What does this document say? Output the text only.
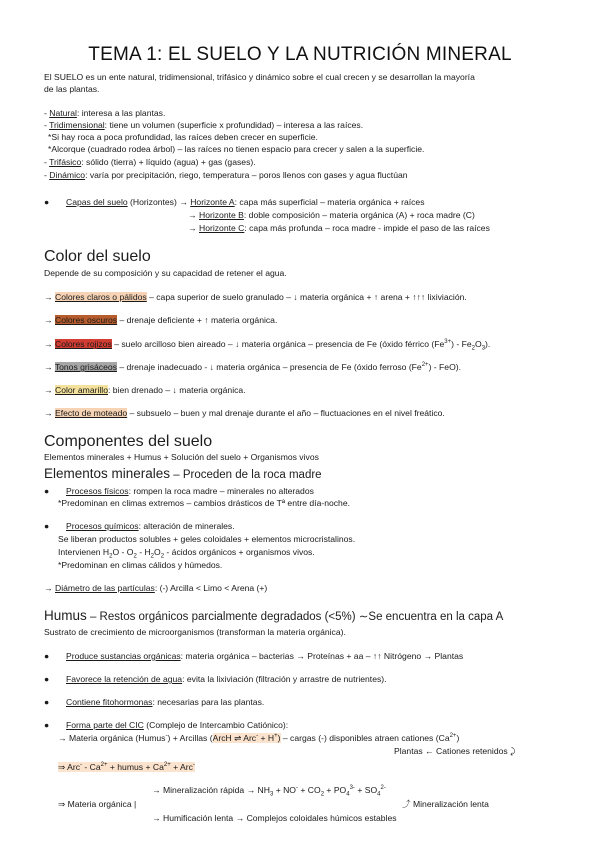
TEMA 1: EL SUELO Y LA NUTRICIÓN MINERAL
El SUELO es un ente natural, tridimensional, trifásico y dinámico sobre el cual crecen y se desarrollan la mayoría
de las plantas.
- Natural: interesa a las plantas.
- Tridimensional: tiene un volumen (superficie x profundidad) – interesa a las raíces.
*Si hay roca a poca profundidad, las raíces deben crecer en superficie.
*Alcorque (cuadrado rodea árbol) – las raíces no tienen espacio para crecer y salen a la superficie.
- Trifásico: sólido (tierra) + líquido (agua) + gas (gases).
- Dinámico: varía por precipitación, riego, temperatura – poros llenos con gases y agua fluctúan
● Capas del suelo (Horizontes) → Horizonte A: capa más superficial – materia orgánica + raíces
→ Horizonte B: doble composición – materia orgánica (A) + roca madre (C)
→ Horizonte C: capa más profunda – roca madre - impide el paso de las raíces
Color del suelo
Depende de su composición y su capacidad de retener el agua.
→ Colores claros o pálidos – capa superior de suelo granulado – ↓ materia orgánica + ↑ arena + ↑↑↑ lixiviación.
→ Colores oscuros – drenaje deficiente + ↑ materia orgánica.
→ Colores rojizos – suelo arcilloso bien aireado – ↓ materia orgánica – presencia de Fe (óxido férrico $(Fe^{3+}) - Fe_2O_3$).
→ Tonos grisáceos – drenaje inadecuado - ↓ materia orgánica – presencia de Fe (óxido ferroso $(Fe^{2+}) - FeO$).
→ Color amarillo: bien drenado – ↓ materia orgánica.
→ Efecto de moteado – subsuelo – buen y mal drenaje durante el año – fluctuaciones en el nivel freático.
Componentes del suelo
Elementos minerales + Humus + Solución del suelo + Organismos vivos
Elementos minerales – Proceden de la roca madre
● Procesos físicos: rompen la roca madre – minerales no alterados
*Predominan en climas extremos – cambios drásticos de Tª entre día-noche.
● Procesos químicos: alteración de minerales.
Se liberan productos solubles + geles coloidales + elementos microcristalinos.
Intervienen $H_2O - O_2 - H_2O_2$ - ácidos orgánicos + organismos vivos.
*Predominan en climas cálidos y húmedos.
→ Diámetro de las partículas: (-) Arcilla < Limo < Arena (+)
Humus – Restos orgánicos parcialmente degradados (<5%) ∼Se encuentra en la capa A
Sustrato de crecimiento de microorganismos (transforman la materia orgánica).
● Produce sustancias orgánicas: materia orgánica – bacterias → Proteínas + aa – ↑↑ Nitrógeno → Plantas
● Favorece la retención de agua: evita la lixiviación (filtración y arrastre de nutrientes).
● Contiene fitohormonas: necesarias para las plantas.
● Forma parte del CIC (Complejo de Intercambio Catiónico):
→ Materia orgánica (Humus-) + Arcillas (ArcH ⇌ Arc- + H+) – cargas (-) disponibles atraen cationes $(Ca^{2+})$
Plantas ← Cationes retenidos ⤸
⇒ $Arc^- - Ca^{2+}$ + humus + $Ca^{2+} + Arc^-$
→ Mineralización rápida → $NH_3 + NO^- + CO_2 + PO_4^{3-} + SO_4^{2-}$
⇒ Materia orgánica |	⤴ Mineralización lenta
→ Humificación lenta → Complejos coloidales húmicos estables
